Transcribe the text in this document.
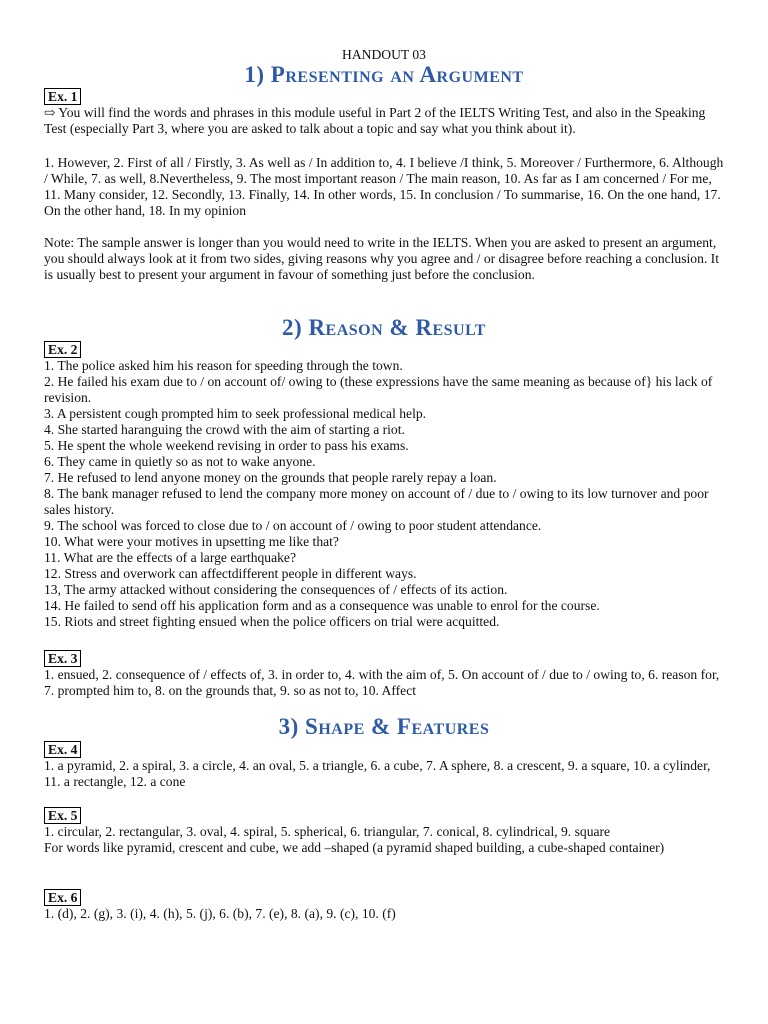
HANDOUT 03

1) Presenting an Argument
Ex. 1

⇨ You will find the words and phrases in this module useful in Part 2 of the IELTS Writing Test, and also in the Speaking Test (especially Part 3, where you are asked to talk about a topic and say what you think about it).

1. However, 2. First of all / Firstly, 3. As well as / In addition to, 4. I believe /I think, 5. Moreover / Furthermore, 6. Although / While, 7. as well, 8.Nevertheless, 9. The most important reason / The main reason, 10. As far as I am concerned / For me, 11. Many consider, 12. Secondly, 13. Finally, 14. In other words, 15. In conclusion / To summarise, 16. On the one hand, 17. On the other hand, 18. In my opinion

Note: The sample answer is longer than you would need to write in the IELTS. When you are asked to present an argument, you should always look at it from two sides, giving reasons why you agree and / or disagree before reaching a conclusion. It is usually best to present your argument in favour of something just before the conclusion.

2) Reason & Result
Ex. 2

1. The police asked him his reason for speeding through the town.

2. He failed his exam due to / on account of/ owing to (these expressions have the same meaning as because of} his lack of revision.

3. A persistent cough prompted him to seek professional medical help.

4. She started haranguing the crowd with the aim of starting a riot.

5. He spent the whole weekend revising in order to pass his exams.

6. They came in quietly so as not to wake anyone.

7. He refused to lend anyone money on the grounds that people rarely repay a loan.

8. The bank manager refused to lend the company more money on account of / due to / owing to its low turnover and poor sales history.

9. The school was forced to close due to / on account of / owing to poor student attendance.

10. What were your motives in upsetting me like that?

11. What are the effects of a large earthquake?

12. Stress and overwork can affectdifferent people in different ways.

13, The army attacked without considering the consequences of / effects of its action.

14. He failed to send off his application form and as a consequence was unable to enrol for the course.

15. Riots and street fighting ensued when the police officers on trial were acquitted.

Ex. 3

1. ensued, 2. consequence of / effects of, 3. in order to, 4. with the aim of, 5. On account of / due to / owing to, 6. reason for, 7. prompted him to, 8. on the grounds that, 9. so as not to, 10. Affect

3) Shape & Features
Ex. 4

1. a pyramid, 2. a spiral, 3. a circle, 4. an oval, 5. a triangle, 6. a cube, 7. A sphere, 8. a crescent, 9. a square, 10. a cylinder, 11. a rectangle, 12. a cone

Ex. 5

1. circular, 2. rectangular, 3. oval, 4. spiral, 5. spherical, 6. triangular, 7. conical, 8. cylindrical, 9. square

For words like pyramid, crescent and cube, we add –shaped (a pyramid shaped building, a cube-shaped container)

Ex. 6

1. (d), 2. (g), 3. (i), 4. (h), 5. (j), 6. (b), 7. (e), 8. (a), 9. (c), 10. (f)
